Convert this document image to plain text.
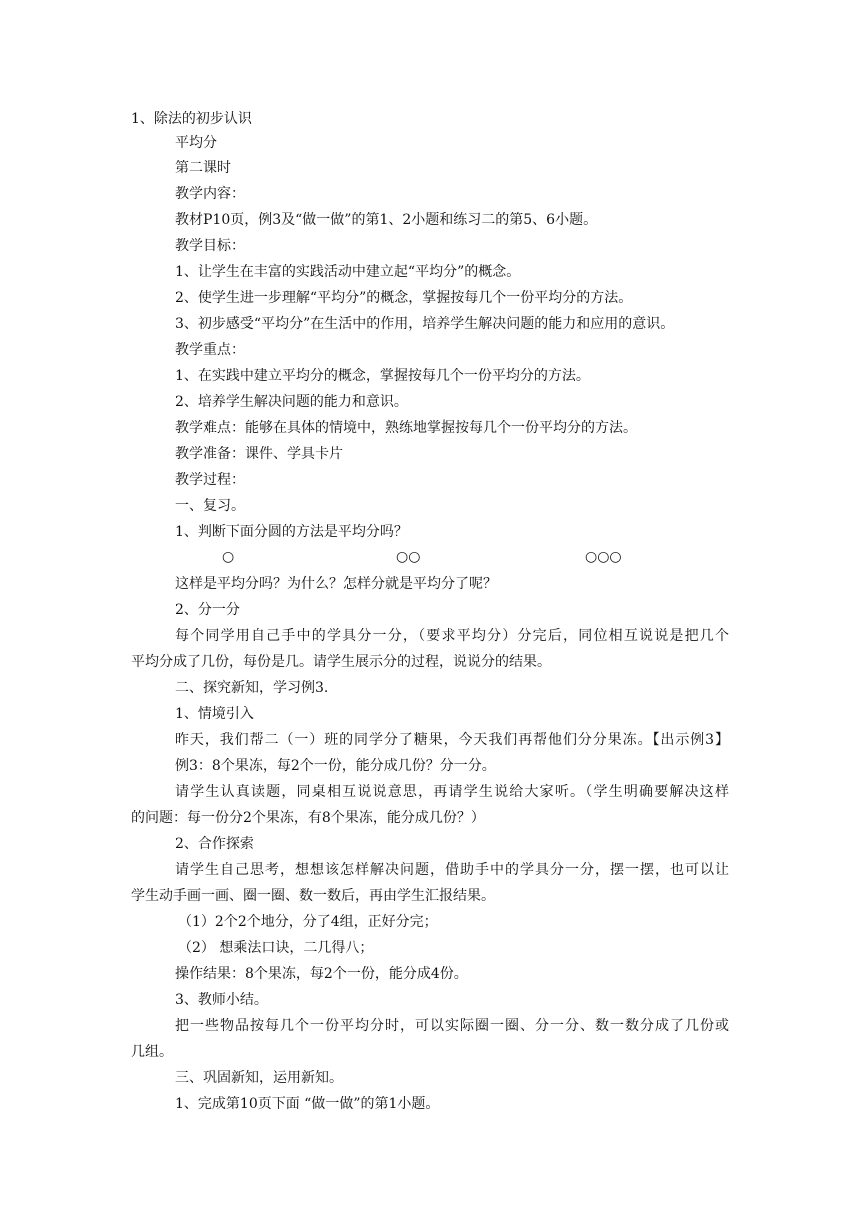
1、除法的初步认识
平均分
第二课时
教学内容：
教材P10页，例3及“做一做”的第1、2小题和练习二的第5、6小题。
教学目标：
1、让学生在丰富的实践活动中建立起“平均分”的概念。
2、使学生进一步理解“平均分”的概念，掌握按每几个一份平均分的方法。
3、初步感受“平均分”在生活中的作用，培养学生解决问题的能力和应用的意识。
教学重点：
1、在实践中建立平均分的概念，掌握按每几个一份平均分的方法。
2、培养学生解决问题的能力和意识。
教学难点：能够在具体的情境中，熟练地掌握按每几个一份平均分的方法。
教学准备：课件、学具卡片
教学过程：
一、复习。
1、判断下面分圆的方法是平均分吗？
○	○○	○○○
这样是平均分吗？为什么？怎样分就是平均分了呢？
2、分一分
每个同学用自己手中的学具分一分，（要求平均分）分完后，同位相互说说是把几个
平均分成了几份，每份是几。请学生展示分的过程，说说分的结果。
二、探究新知，学习例3.
1、情境引入
昨天，我们帮二（一）班的同学分了糖果，今天我们再帮他们分分果冻。【出示例3】
例3：8个果冻，每2个一份，能分成几份？分一分。
请学生认真读题，同桌相互说说意思，再请学生说给大家听。（学生明确要解决这样
的问题：每一份分2个果冻，有8个果冻，能分成几份？）
2、合作探索
请学生自己思考，想想该怎样解决问题，借助手中的学具分一分，摆一摆，也可以让
学生动手画一画、圈一圈、数一数后，再由学生汇报结果。
（1）2个2个地分，分了4组，正好分完；
（2） 想乘法口诀，二几得八；
操作结果：8个果冻，每2个一份，能分成4份。
3、教师小结。
把一些物品按每几个一份平均分时，可以实际圈一圈、分一分、数一数分成了几份或
几组。
三、巩固新知，运用新知。
1、完成第10页下面 “做一做”的第1小题。
